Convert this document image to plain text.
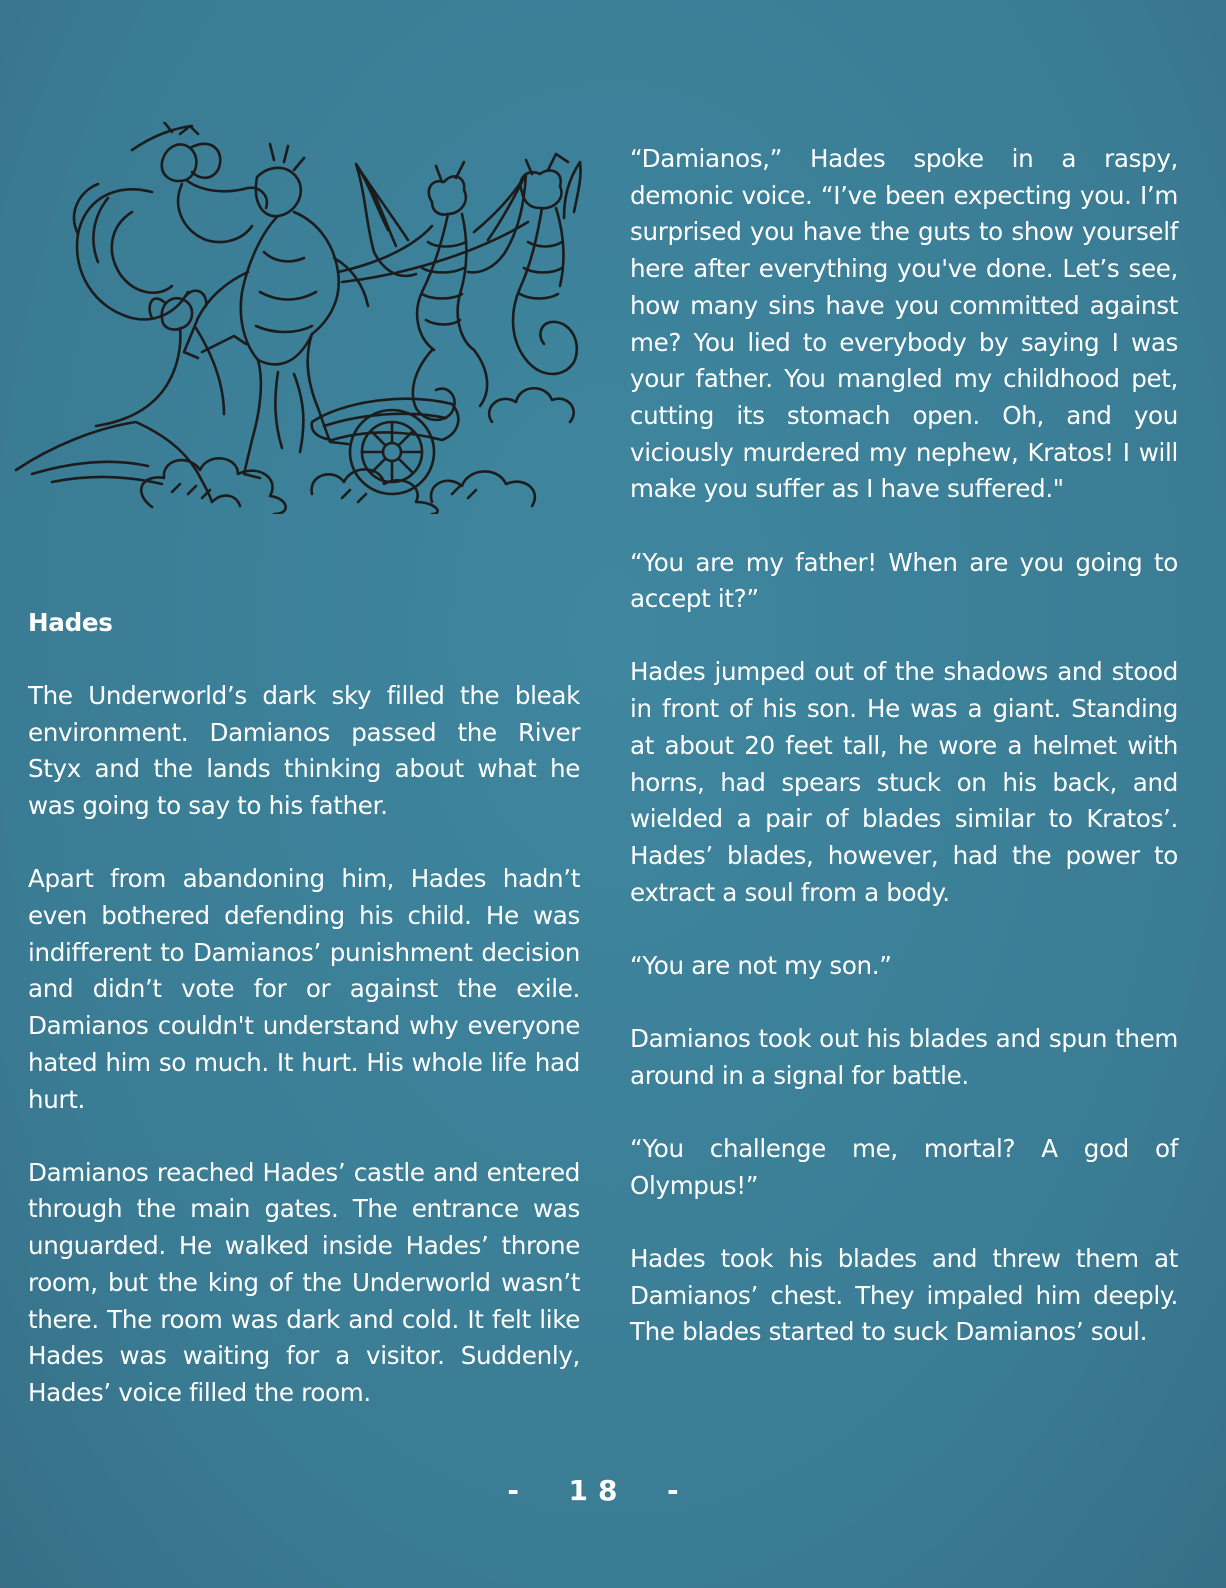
Hades

The Underworld’s dark sky filled the bleak environment. Damianos passed the River Styx and the lands thinking about what he was going to say to his father.

Apart from abandoning him, Hades hadn’t even bothered defending his child. He was indifferent to Damianos’ punishment decision and didn’t vote for or against the exile. Damianos couldn't understand why everyone hated him so much. It hurt. His whole life had hurt.

Damianos reached Hades’ castle and entered through the main gates. The entrance was unguarded. He walked inside Hades’ throne room, but the king of the Underworld wasn’t there. The room was dark and cold. It felt like Hades was waiting for a visitor. Suddenly, Hades’ voice filled the room.

“Damianos,” Hades spoke in a raspy, demonic voice. “I’ve been expecting you. I’m surprised you have the guts to show yourself here after everything you've done. Let’s see, how many sins have you committed against me? You lied to everybody by saying I was your father. You mangled my childhood pet, cutting its stomach open. Oh, and you viciously murdered my nephew, Kratos! I will make you suffer as I have suffered."

“You are my father! When are you going to accept it?”

Hades jumped out of the shadows and stood in front of his son. He was a giant. Standing at about 20 feet tall, he wore a helmet with horns, had spears stuck on his back, and wielded a pair of blades similar to Kratos’. Hades’ blades, however, had the power to extract a soul from a body.

“You are not my son.”

Damianos took out his blades and spun them around in a signal for battle.

“You challenge me, mortal? A god of Olympus!”

Hades took his blades and threw them at Damianos’ chest. They impaled him deeply. The blades started to suck Damianos’ soul.

-  18  -
